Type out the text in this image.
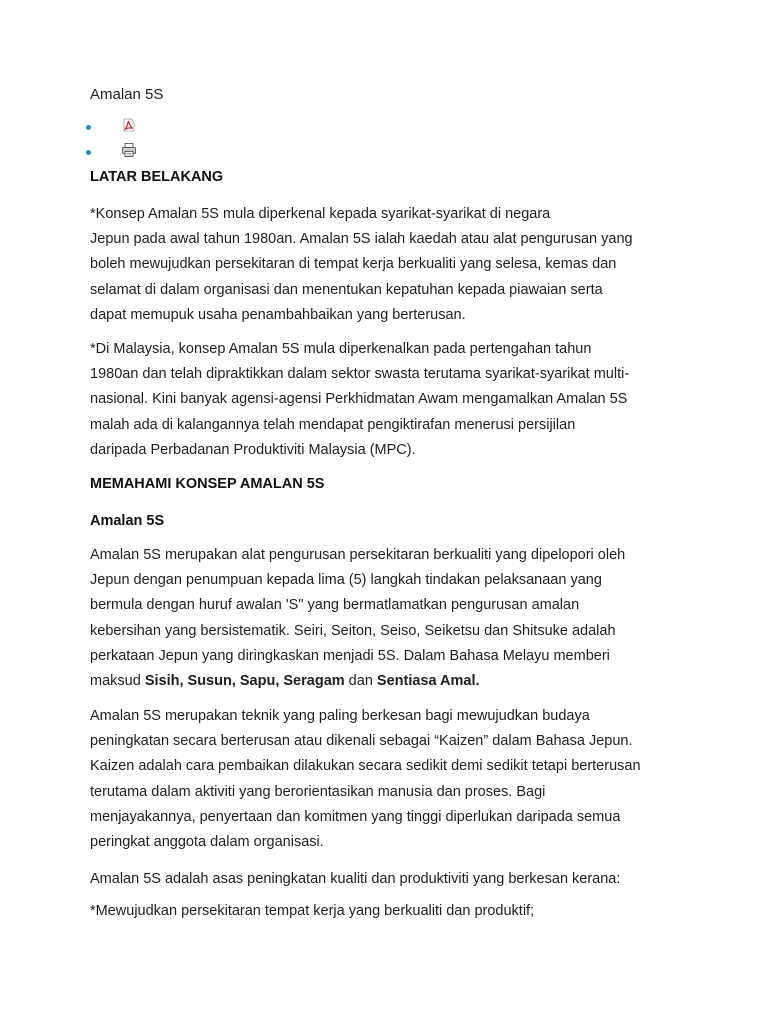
Amalan 5S
LATAR BELAKANG
*Konsep Amalan 5S mula diperkenal kepada syarikat-syarikat di negara
Jepun pada awal tahun 1980an. Amalan 5S ialah kaedah atau alat pengurusan yang
boleh mewujudkan persekitaran di tempat kerja berkualiti yang selesa, kemas dan
selamat di dalam organisasi dan menentukan kepatuhan kepada piawaian serta
dapat memupuk usaha penambahbaikan yang berterusan.
*Di Malaysia, konsep Amalan 5S mula diperkenalkan pada pertengahan tahun
1980an dan telah dipraktikkan dalam sektor swasta terutama syarikat-syarikat multi-
nasional. Kini banyak agensi-agensi Perkhidmatan Awam mengamalkan Amalan 5S
malah ada di kalangannya telah mendapat pengiktirafan menerusi persijilan
daripada Perbadanan Produktiviti Malaysia (MPC).
MEMAHAMI KONSEP AMALAN 5S
Amalan 5S
Amalan 5S merupakan alat pengurusan persekitaran berkualiti yang dipelopori oleh
Jepun dengan penumpuan kepada lima (5) langkah tindakan pelaksanaan yang
bermula dengan huruf awalan 'S" yang bermatlamatkan pengurusan amalan
kebersihan yang bersistematik. Seiri, Seiton, Seiso, Seiketsu dan Shitsuke adalah
perkataan Jepun yang diringkaskan menjadi 5S. Dalam Bahasa Melayu memberi
maksud Sisih, Susun, Sapu, Seragam dan Sentiasa Amal.
Amalan 5S merupakan teknik yang paling berkesan bagi mewujudkan budaya
peningkatan secara berterusan atau dikenali sebagai “Kaizen” dalam Bahasa Jepun.
Kaizen adalah cara pembaikan dilakukan secara sedikit demi sedikit tetapi berterusan
terutama dalam aktiviti yang berorientasikan manusia dan proses. Bagi
menjayakannya, penyertaan dan komitmen yang tinggi diperlukan daripada semua
peringkat anggota dalam organisasi.
Amalan 5S adalah asas peningkatan kualiti dan produktiviti yang berkesan kerana:
*Mewujudkan persekitaran tempat kerja yang berkualiti dan produktif;
